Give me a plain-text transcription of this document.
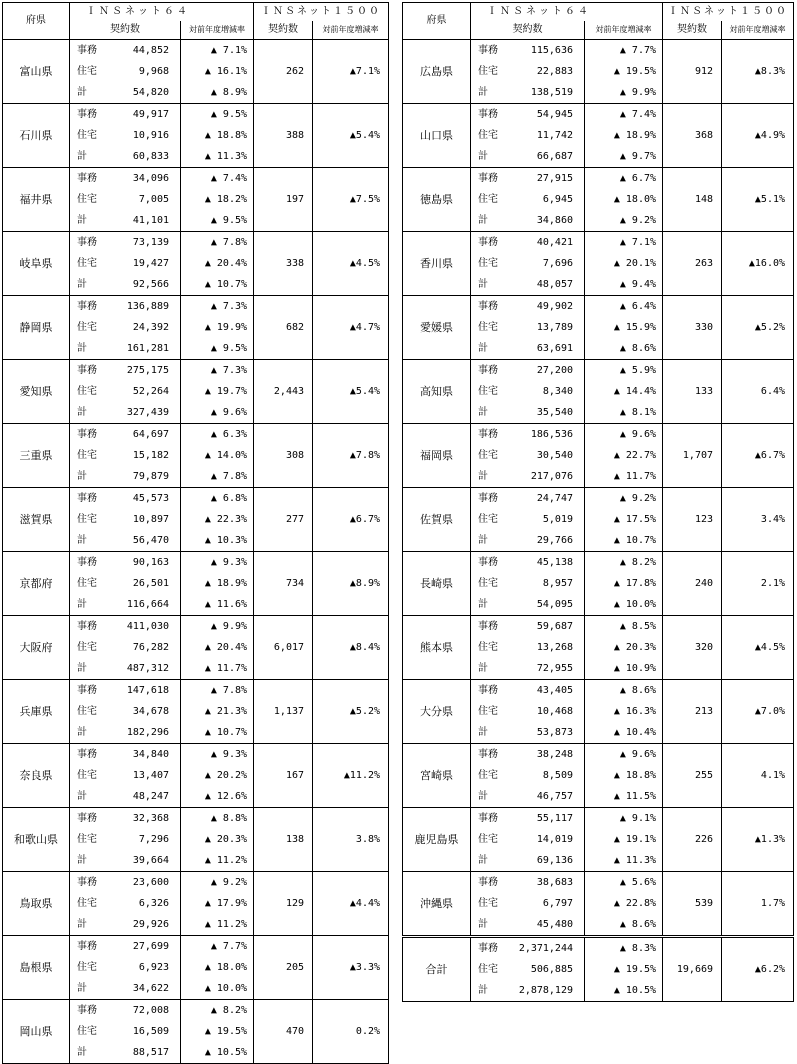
府県	ＩＮＳネット６４			ＩＮＳネット１５００	
	契約数		対前年度増減率	契約数	対前年度増減率
富山県	事務	44,852	▲ 7.1%	262	▲7.1%
	住宅	9,968	▲ 16.1%		
	計	54,820	▲ 8.9%		
石川県	事務	49,917	▲ 9.5%	388	▲5.4%
	住宅	10,916	▲ 18.8%		
	計	60,833	▲ 11.3%		
福井県	事務	34,096	▲ 7.4%	197	▲7.5%
	住宅	7,005	▲ 18.2%		
	計	41,101	▲ 9.5%		
岐阜県	事務	73,139	▲ 7.8%	338	▲4.5%
	住宅	19,427	▲ 20.4%		
	計	92,566	▲ 10.7%		
静岡県	事務	136,889	▲ 7.3%	682	▲4.7%
	住宅	24,392	▲ 19.9%		
	計	161,281	▲ 9.5%		
愛知県	事務	275,175	▲ 7.3%	2,443	▲5.4%
	住宅	52,264	▲ 19.7%		
	計	327,439	▲ 9.6%		
三重県	事務	64,697	▲ 6.3%	308	▲7.8%
	住宅	15,182	▲ 14.0%		
	計	79,879	▲ 7.8%		
滋賀県	事務	45,573	▲ 6.8%	277	▲6.7%
	住宅	10,897	▲ 22.3%		
	計	56,470	▲ 10.3%		
京都府	事務	90,163	▲ 9.3%	734	▲8.9%
	住宅	26,501	▲ 18.9%		
	計	116,664	▲ 11.6%		
大阪府	事務	411,030	▲ 9.9%	6,017	▲8.4%
	住宅	76,282	▲ 20.4%		
	計	487,312	▲ 11.7%		
兵庫県	事務	147,618	▲ 7.8%	1,137	▲5.2%
	住宅	34,678	▲ 21.3%		
	計	182,296	▲ 10.7%		
奈良県	事務	34,840	▲ 9.3%	167	▲11.2%
	住宅	13,407	▲ 20.2%		
	計	48,247	▲ 12.6%		
和歌山県	事務	32,368	▲ 8.8%	138	3.8%
	住宅	7,296	▲ 20.3%		
	計	39,664	▲ 11.2%		
鳥取県	事務	23,600	▲ 9.2%	129	▲4.4%
	住宅	6,326	▲ 17.9%		
	計	29,926	▲ 11.2%		
島根県	事務	27,699	▲ 7.7%	205	▲3.3%
	住宅	6,923	▲ 18.0%		
	計	34,622	▲ 10.0%		
岡山県	事務	72,008	▲ 8.2%	470	0.2%
	住宅	16,509	▲ 19.5%		
	計	88,517	▲ 10.5%		
府県	ＩＮＳネット６４			ＩＮＳネット１５００	
	契約数		対前年度増減率	契約数	対前年度増減率
広島県	事務	115,636	▲ 7.7%	912	▲8.3%
	住宅	22,883	▲ 19.5%		
	計	138,519	▲ 9.9%		
山口県	事務	54,945	▲ 7.4%	368	▲4.9%
	住宅	11,742	▲ 18.9%		
	計	66,687	▲ 9.7%		
徳島県	事務	27,915	▲ 6.7%	148	▲5.1%
	住宅	6,945	▲ 18.0%		
	計	34,860	▲ 9.2%		
香川県	事務	40,421	▲ 7.1%	263	▲16.0%
	住宅	7,696	▲ 20.1%		
	計	48,057	▲ 9.4%		
愛媛県	事務	49,902	▲ 6.4%	330	▲5.2%
	住宅	13,789	▲ 15.9%		
	計	63,691	▲ 8.6%		
高知県	事務	27,200	▲ 5.9%	133	6.4%
	住宅	8,340	▲ 14.4%		
	計	35,540	▲ 8.1%		
福岡県	事務	186,536	▲ 9.6%	1,707	▲6.7%
	住宅	30,540	▲ 22.7%		
	計	217,076	▲ 11.7%		
佐賀県	事務	24,747	▲ 9.2%	123	3.4%
	住宅	5,019	▲ 17.5%		
	計	29,766	▲ 10.7%		
長崎県	事務	45,138	▲ 8.2%	240	2.1%
	住宅	8,957	▲ 17.8%		
	計	54,095	▲ 10.0%		
熊本県	事務	59,687	▲ 8.5%	320	▲4.5%
	住宅	13,268	▲ 20.3%		
	計	72,955	▲ 10.9%		
大分県	事務	43,405	▲ 8.6%	213	▲7.0%
	住宅	10,468	▲ 16.3%		
	計	53,873	▲ 10.4%		
宮崎県	事務	38,248	▲ 9.6%	255	4.1%
	住宅	8,509	▲ 18.8%		
	計	46,757	▲ 11.5%		
鹿児島県	事務	55,117	▲ 9.1%	226	▲1.3%
	住宅	14,019	▲ 19.1%		
	計	69,136	▲ 11.3%		
沖縄県	事務	38,683	▲ 5.6%	539	1.7%
	住宅	6,797	▲ 22.8%		
	計	45,480	▲ 8.6%		
合計	事務	2,371,244	▲ 8.3%	19,669	▲6.2%
	住宅	506,885	▲ 19.5%		
	計	2,878,129	▲ 10.5%		
